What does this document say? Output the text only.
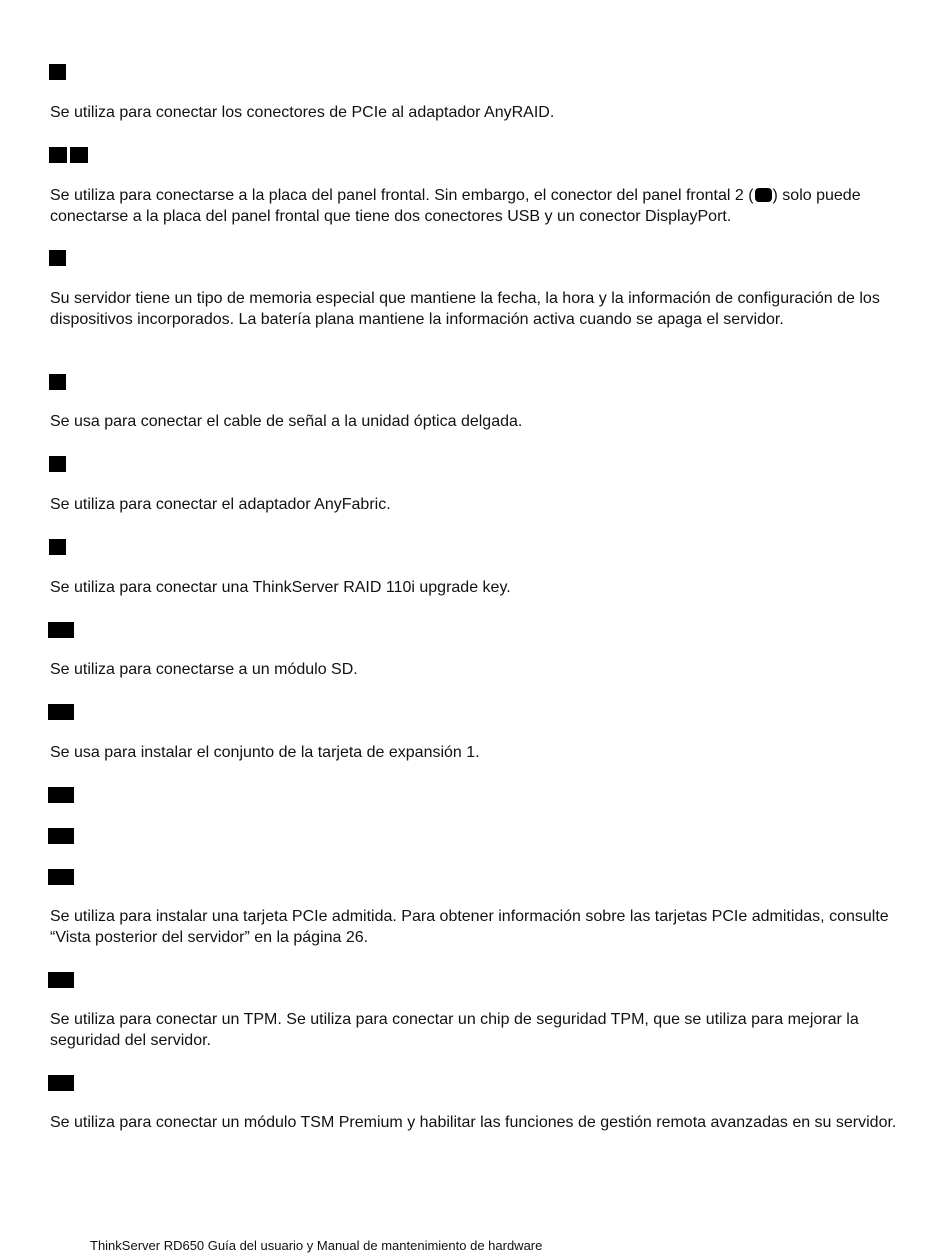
Se utiliza para conectar los conectores de PCIe al adaptador AnyRAID.

Se utiliza para conectarse a la placa del panel frontal. Sin embargo, el conector del panel frontal 2 ( ) solo puede conectarse a la placa del panel frontal que tiene dos conectores USB y un conector DisplayPort.

Su servidor tiene un tipo de memoria especial que mantiene la fecha, la hora y la información de configuración de los dispositivos incorporados. La batería plana mantiene la información activa cuando se apaga el servidor.

Se usa para conectar el cable de señal a la unidad óptica delgada.

Se utiliza para conectar el adaptador AnyFabric.

Se utiliza para conectar una ThinkServer RAID 110i upgrade key.

Se utiliza para conectarse a un módulo SD.

Se usa para instalar el conjunto de la tarjeta de expansión 1.

Se utiliza para instalar una tarjeta PCIe admitida. Para obtener información sobre las tarjetas PCIe admitidas, consulte “Vista posterior del servidor” en la página 26.

Se utiliza para conectar un TPM. Se utiliza para conectar un chip de seguridad TPM, que se utiliza para mejorar la seguridad del servidor.

Se utiliza para conectar un módulo TSM Premium y habilitar las funciones de gestión remota avanzadas en su servidor.

ThinkServer RD650 Guía del usuario y Manual de mantenimiento de hardware
